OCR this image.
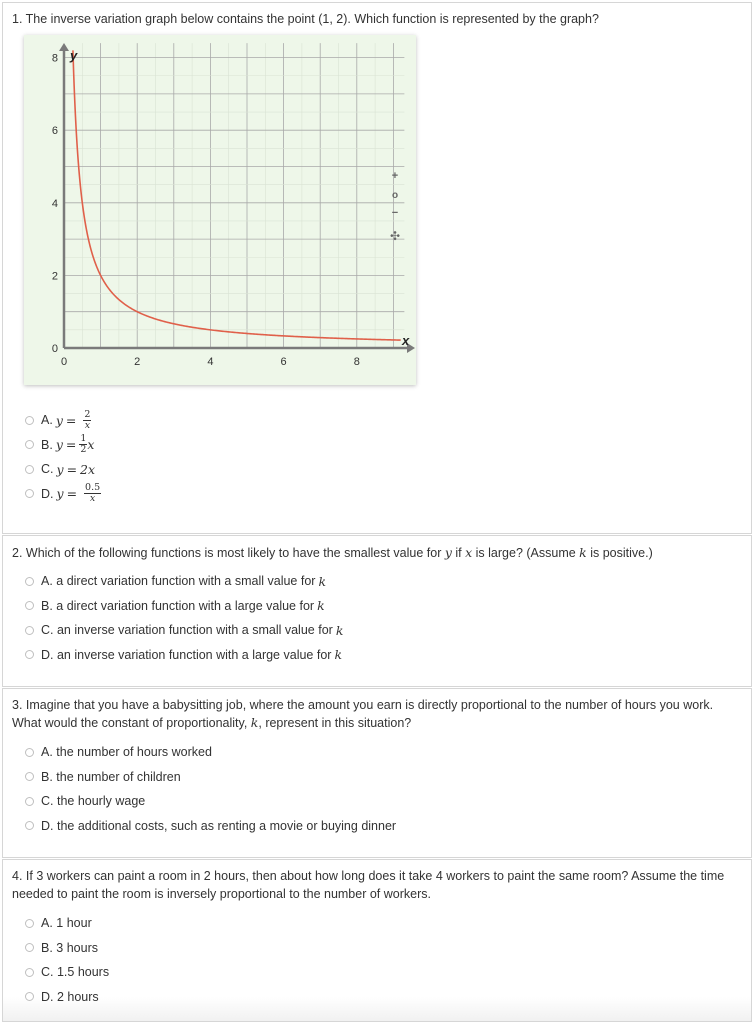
1. The inverse variation graph below contains the point (1, 2). Which function is represented by the graph?
0	2	4	6	8
0
2
4
6
8 y
x
+
o
−
✣
A. $y = \frac{2}{x}$
B. $y = \frac{1}{2}$ x
C. y = 2x
D. $y = \frac{0.5}{x}$
2. Which of the following functions is most likely to have the smallest value for y if x is large? (Assume k is positive.)
A. a direct variation function with a small value for k
B. a direct variation function with a large value for k
C. an inverse variation function with a small value for k
D. an inverse variation function with a large value for k
3. Imagine that you have a babysitting job, where the amount you earn is directly proportional to the number of hours you work. What would the constant of proportionality, k, represent in this situation?
A. the number of hours worked
B. the number of children
C. the hourly wage
D. the additional costs, such as renting a movie or buying dinner
4. If 3 workers can paint a room in 2 hours, then about how long does it take 4 workers to paint the same room? Assume the time needed to paint the room is inversely proportional to the number of workers.
A. 1 hour
B. 3 hours
C. 1.5 hours
D. 2 hours
